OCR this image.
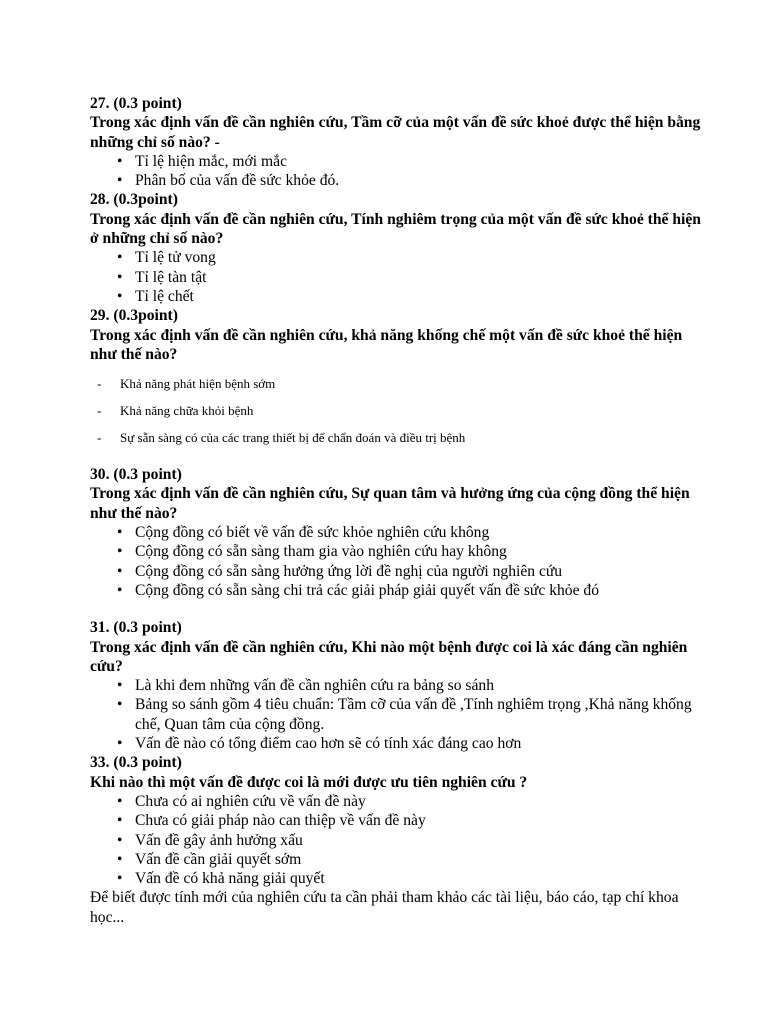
27. (0.3 point)

Trong xác định vấn đề cần nghiên cứu, Tầm cỡ của một vấn đề sức khoẻ được thể hiện bằng những chỉ số nào? -

• Tỉ lệ hiện mắc, mới mắc
• Phân bố của vấn đề sức khỏe đó.

28. (0.3point)

Trong xác định vấn đề cần nghiên cứu, Tính nghiêm trọng của một vấn đề sức khoẻ thể hiện ở những chỉ số nào?

• Tỉ lệ tử vong
• Tỉ lệ tàn tật
• Tỉ lệ chết

29. (0.3point)

Trong xác định vấn đề cần nghiên cứu, khả năng khống chế một vấn đề sức khoẻ thể hiện như thế nào?

- Khả năng phát hiện bệnh sớm
- Khả năng chữa khỏi bệnh
- Sự sẵn sàng có của các trang thiết bị để chẩn đoán và điều trị bệnh

30. (0.3 point)

Trong xác định vấn đề cần nghiên cứu, Sự quan tâm và hưởng ứng của cộng đồng thể hiện như thế nào?

• Cộng đồng có biết về vấn đề sức khỏe nghiên cứu không
• Cộng đồng có sẵn sàng tham gia vào nghiên cứu hay không
• Cộng đồng có sẵn sàng hưởng ứng lời đề nghị của người nghiên cứu
• Cộng đồng có sẵn sàng chi trả các giải pháp giải quyết vấn đề sức khỏe đó

31. (0.3 point)

Trong xác định vấn đề cần nghiên cứu, Khi nào một bệnh được coi là xác đáng cần nghiên cứu?

• Là khi đem những vấn đề cần nghiên cứu ra bảng so sánh
• Bảng so sánh gồm 4 tiêu chuẩn: Tầm cỡ của vấn đề ,Tính nghiêm trọng ,Khả năng khống chế, Quan tâm của cộng đồng.
• Vấn đề nào có tổng điểm cao hơn sẽ có tính xác đáng cao hơn

33. (0.3 point)

Khi nào thì một vấn đề được coi là mới được ưu tiên nghiên cứu ?

• Chưa có ai nghiên cứu về vấn đề này
• Chưa có giải pháp nào can thiệp về vấn đề này
• Vấn đề gây ảnh hưởng xấu
• Vấn đề cần giải quyết sớm
• Vấn đề có khả năng giải quyết

Để biết được tính mới của nghiên cứu ta cần phải tham khảo các tài liệu, báo cáo, tạp chí khoa học...
